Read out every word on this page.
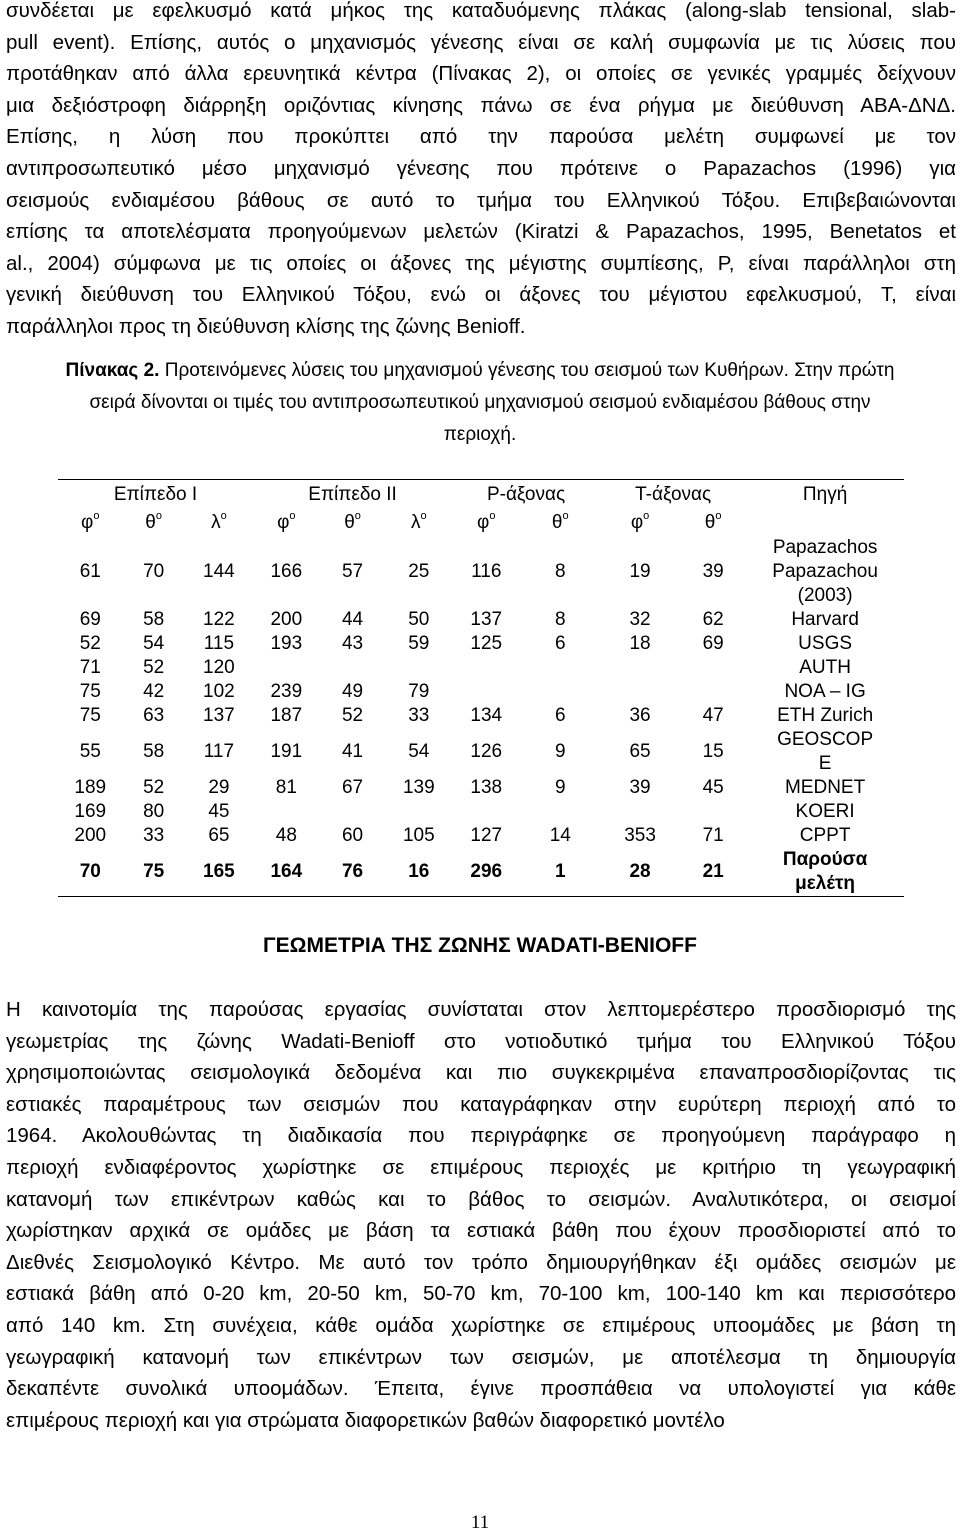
συνδέεται με εφελκυσμό κατά μήκος της καταδυόμενης πλάκας (along-slab tensional, slab-
pull event). Επίσης, αυτός ο μηχανισμός γένεσης είναι σε καλή συμφωνία με τις λύσεις που
προτάθηκαν από άλλα ερευνητικά κέντρα (Πίνακας 2), οι οποίες σε γενικές γραμμές δείχνουν
μια δεξιόστροφη διάρρηξη οριζόντιας κίνησης πάνω σε ένα ρήγμα με διεύθυνση ΑΒΑ-ΔΝΔ.
Επίσης, η λύση που προκύπτει από την παρούσα μελέτη συμφωνεί με τον
αντιπροσωπευτικό μέσο μηχανισμό γένεσης που πρότεινε ο Papazachos (1996) για
σεισμούς ενδιαμέσου βάθους σε αυτό το τμήμα του Ελληνικού Τόξου. Επιβεβαιώνονται
επίσης τα αποτελέσματα προηγούμενων μελετών (Kiratzi & Papazachos, 1995, Benetatos et
al., 2004) σύμφωνα με τις οποίες οι άξονες της μέγιστης συμπίεσης, P, είναι παράλληλοι στη
γενική διεύθυνση του Ελληνικού Τόξου, ενώ οι άξονες του μέγιστου εφελκυσμού, T, είναι
παράλληλοι προς τη διεύθυνση κλίσης της ζώνης Benioff.
Πίνακας 2. Προτεινόμενες λύσεις του μηχανισμού γένεσης του σεισμού των Κυθήρων. Στην πρώτη
σειρά δίνονται οι τιμές του αντιπροσωπευτικού μηχανισμού σεισμού ενδιαμέσου βάθους στην
περιοχή.
Επίπεδο I			Επίπεδο II			P-άξονας		T-άξονας		Πηγή
$\varphi^o$	$\theta^o$	$\lambda^o$	$\varphi^o$	$\theta^o$	$\lambda^o$	$\varphi^o$	$\theta^o$	$\varphi^o$	$\theta^o$	
61	70	144	166	57	25	116	8	19	39	Papazachos
Papazachou
(2003)

69	58	122	200	44	50	137	8	32	62	Harvard

52	54	115	193	43	59	125	6	18	69	USGS

71	52	120								AUTH

75	42	102	239	49	79					NOA – IG

75	63	137	187	52	33	134	6	36	47	ETH Zurich

55	58	117	191	41	54	126	9	65	15	GEOSCOP
E

189	52	29	81	67	139	138	9	39	45	MEDNET

169	80	45								KOERI

200	33	65	48	60	105	127	14	353	71	CPPT

70	75	165	164	76	16	296	1	28	21	Παρούσα
μελέτη
ΓΕΩΜΕΤΡΙΑ ΤΗΣ ΖΩΝΗΣ WADATI-BENIOFF
Η καινοτομία της παρούσας εργασίας συνίσταται στον λεπτομερέστερο προσδιορισμό της
γεωμετρίας της ζώνης Wadati-Benioff στο νοτιοδυτικό τμήμα του Ελληνικού Τόξου
χρησιμοποιώντας σεισμολογικά δεδομένα και πιο συγκεκριμένα επαναπροσδιορίζοντας τις
εστιακές παραμέτρους των σεισμών που καταγράφηκαν στην ευρύτερη περιοχή από το
1964. Ακολουθώντας τη διαδικασία που περιγράφηκε σε προηγούμενη παράγραφο η
περιοχή ενδιαφέροντος χωρίστηκε σε επιμέρους περιοχές με κριτήριο τη γεωγραφική
κατανομή των επικέντρων καθώς και το βάθος το σεισμών. Αναλυτικότερα, οι σεισμοί
χωρίστηκαν αρχικά σε ομάδες με βάση τα εστιακά βάθη που έχουν προσδιοριστεί από το
Διεθνές Σεισμολογικό Κέντρο. Με αυτό τον τρόπο δημιουργήθηκαν έξι ομάδες σεισμών με
εστιακά βάθη από 0-20 km, 20-50 km, 50-70 km, 70-100 km, 100-140 km και περισσότερο
από 140 km. Στη συνέχεια, κάθε ομάδα χωρίστηκε σε επιμέρους υποομάδες με βάση τη
γεωγραφική κατανομή των επικέντρων των σεισμών, με αποτέλεσμα τη δημιουργία
δεκαπέντε συνολικά υποομάδων. Έπειτα, έγινε προσπάθεια να υπολογιστεί για κάθε
επιμέρους περιοχή και για στρώματα διαφορετικών βαθών διαφορετικό μοντέλο
11
